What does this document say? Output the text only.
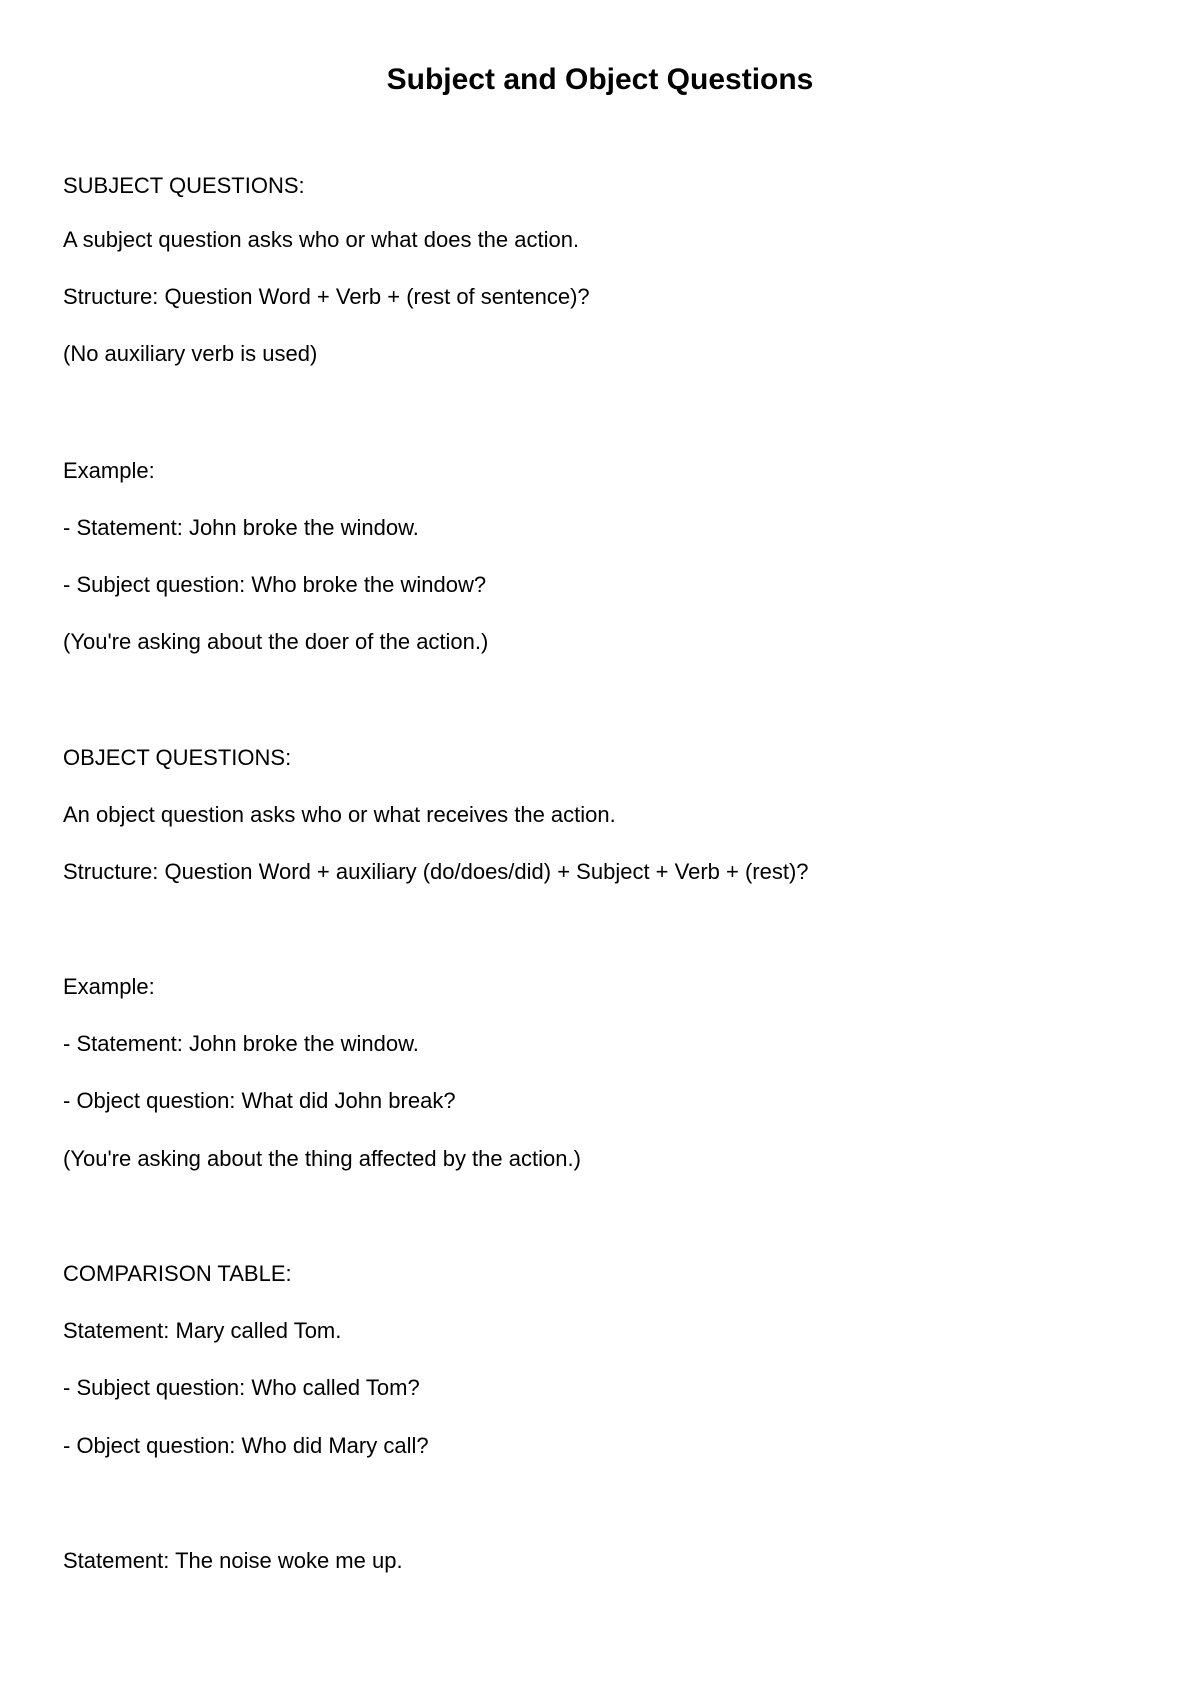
Subject and Object Questions

SUBJECT QUESTIONS:

A subject question asks who or what does the action.

Structure: Question Word + Verb + (rest of sentence)?

(No auxiliary verb is used)

Example:

- Statement: John broke the window.

- Subject question: Who broke the window?

(You're asking about the doer of the action.)

OBJECT QUESTIONS:

An object question asks who or what receives the action.

Structure: Question Word + auxiliary (do/does/did) + Subject + Verb + (rest)?

Example:

- Statement: John broke the window.

- Object question: What did John break?

(You're asking about the thing affected by the action.)

COMPARISON TABLE:

Statement: Mary called Tom.

- Subject question: Who called Tom?

- Object question: Who did Mary call?

Statement: The noise woke me up.
